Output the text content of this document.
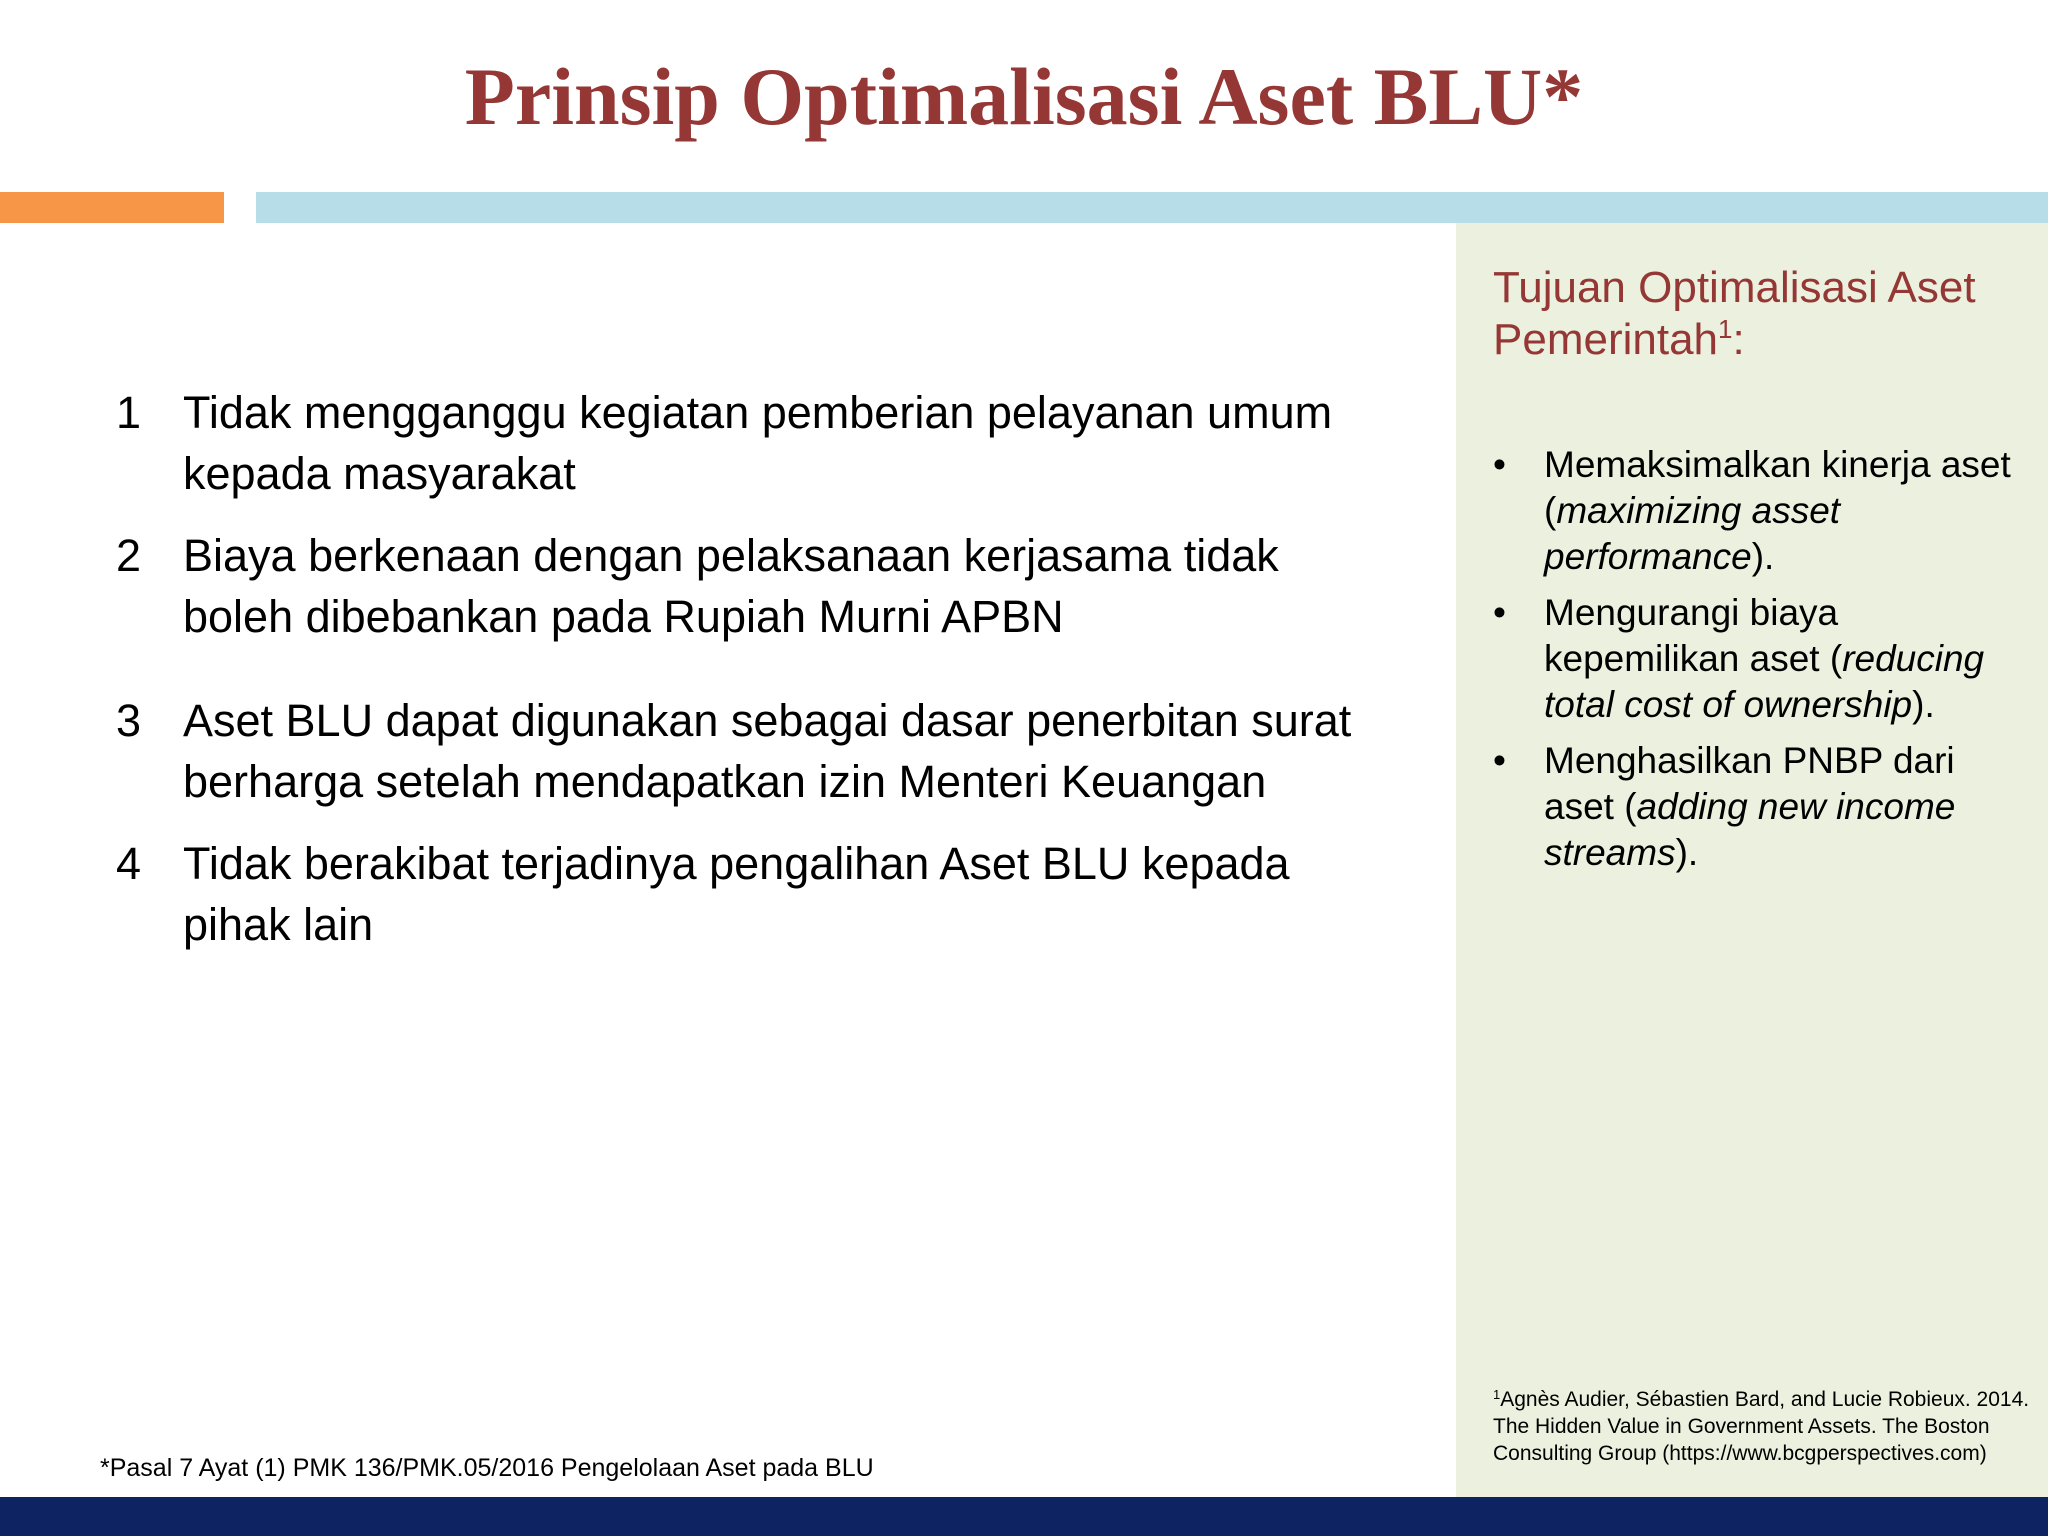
Prinsip Optimalisasi Aset BLU*
1 Tidak mengganggu kegiatan pemberian pelayanan umum kepada masyarakat
2 Biaya berkenaan dengan pelaksanaan kerjasama tidak boleh dibebankan pada Rupiah Murni APBN
3 Aset BLU dapat digunakan sebagai dasar penerbitan surat berharga setelah mendapatkan izin Menteri Keuangan
4 Tidak berakibat terjadinya pengalihan Aset BLU kepada pihak lain
Tujuan Optimalisasi Aset Pemerintah$^1$:
• Memaksimalkan kinerja aset (maximizing asset performance).
• Mengurangi biaya kepemilikan aset (reducing total cost of ownership).
• Menghasilkan PNBP dari aset (adding new income streams).
$^1$Agnès Audier, Sébastien Bard, and Lucie Robieux. 2014. The Hidden Value in Government Assets. The Boston Consulting Group (https://www.bcgperspectives.com)
*Pasal 7 Ayat (1) PMK 136/PMK.05/2016 Pengelolaan Aset pada BLU
